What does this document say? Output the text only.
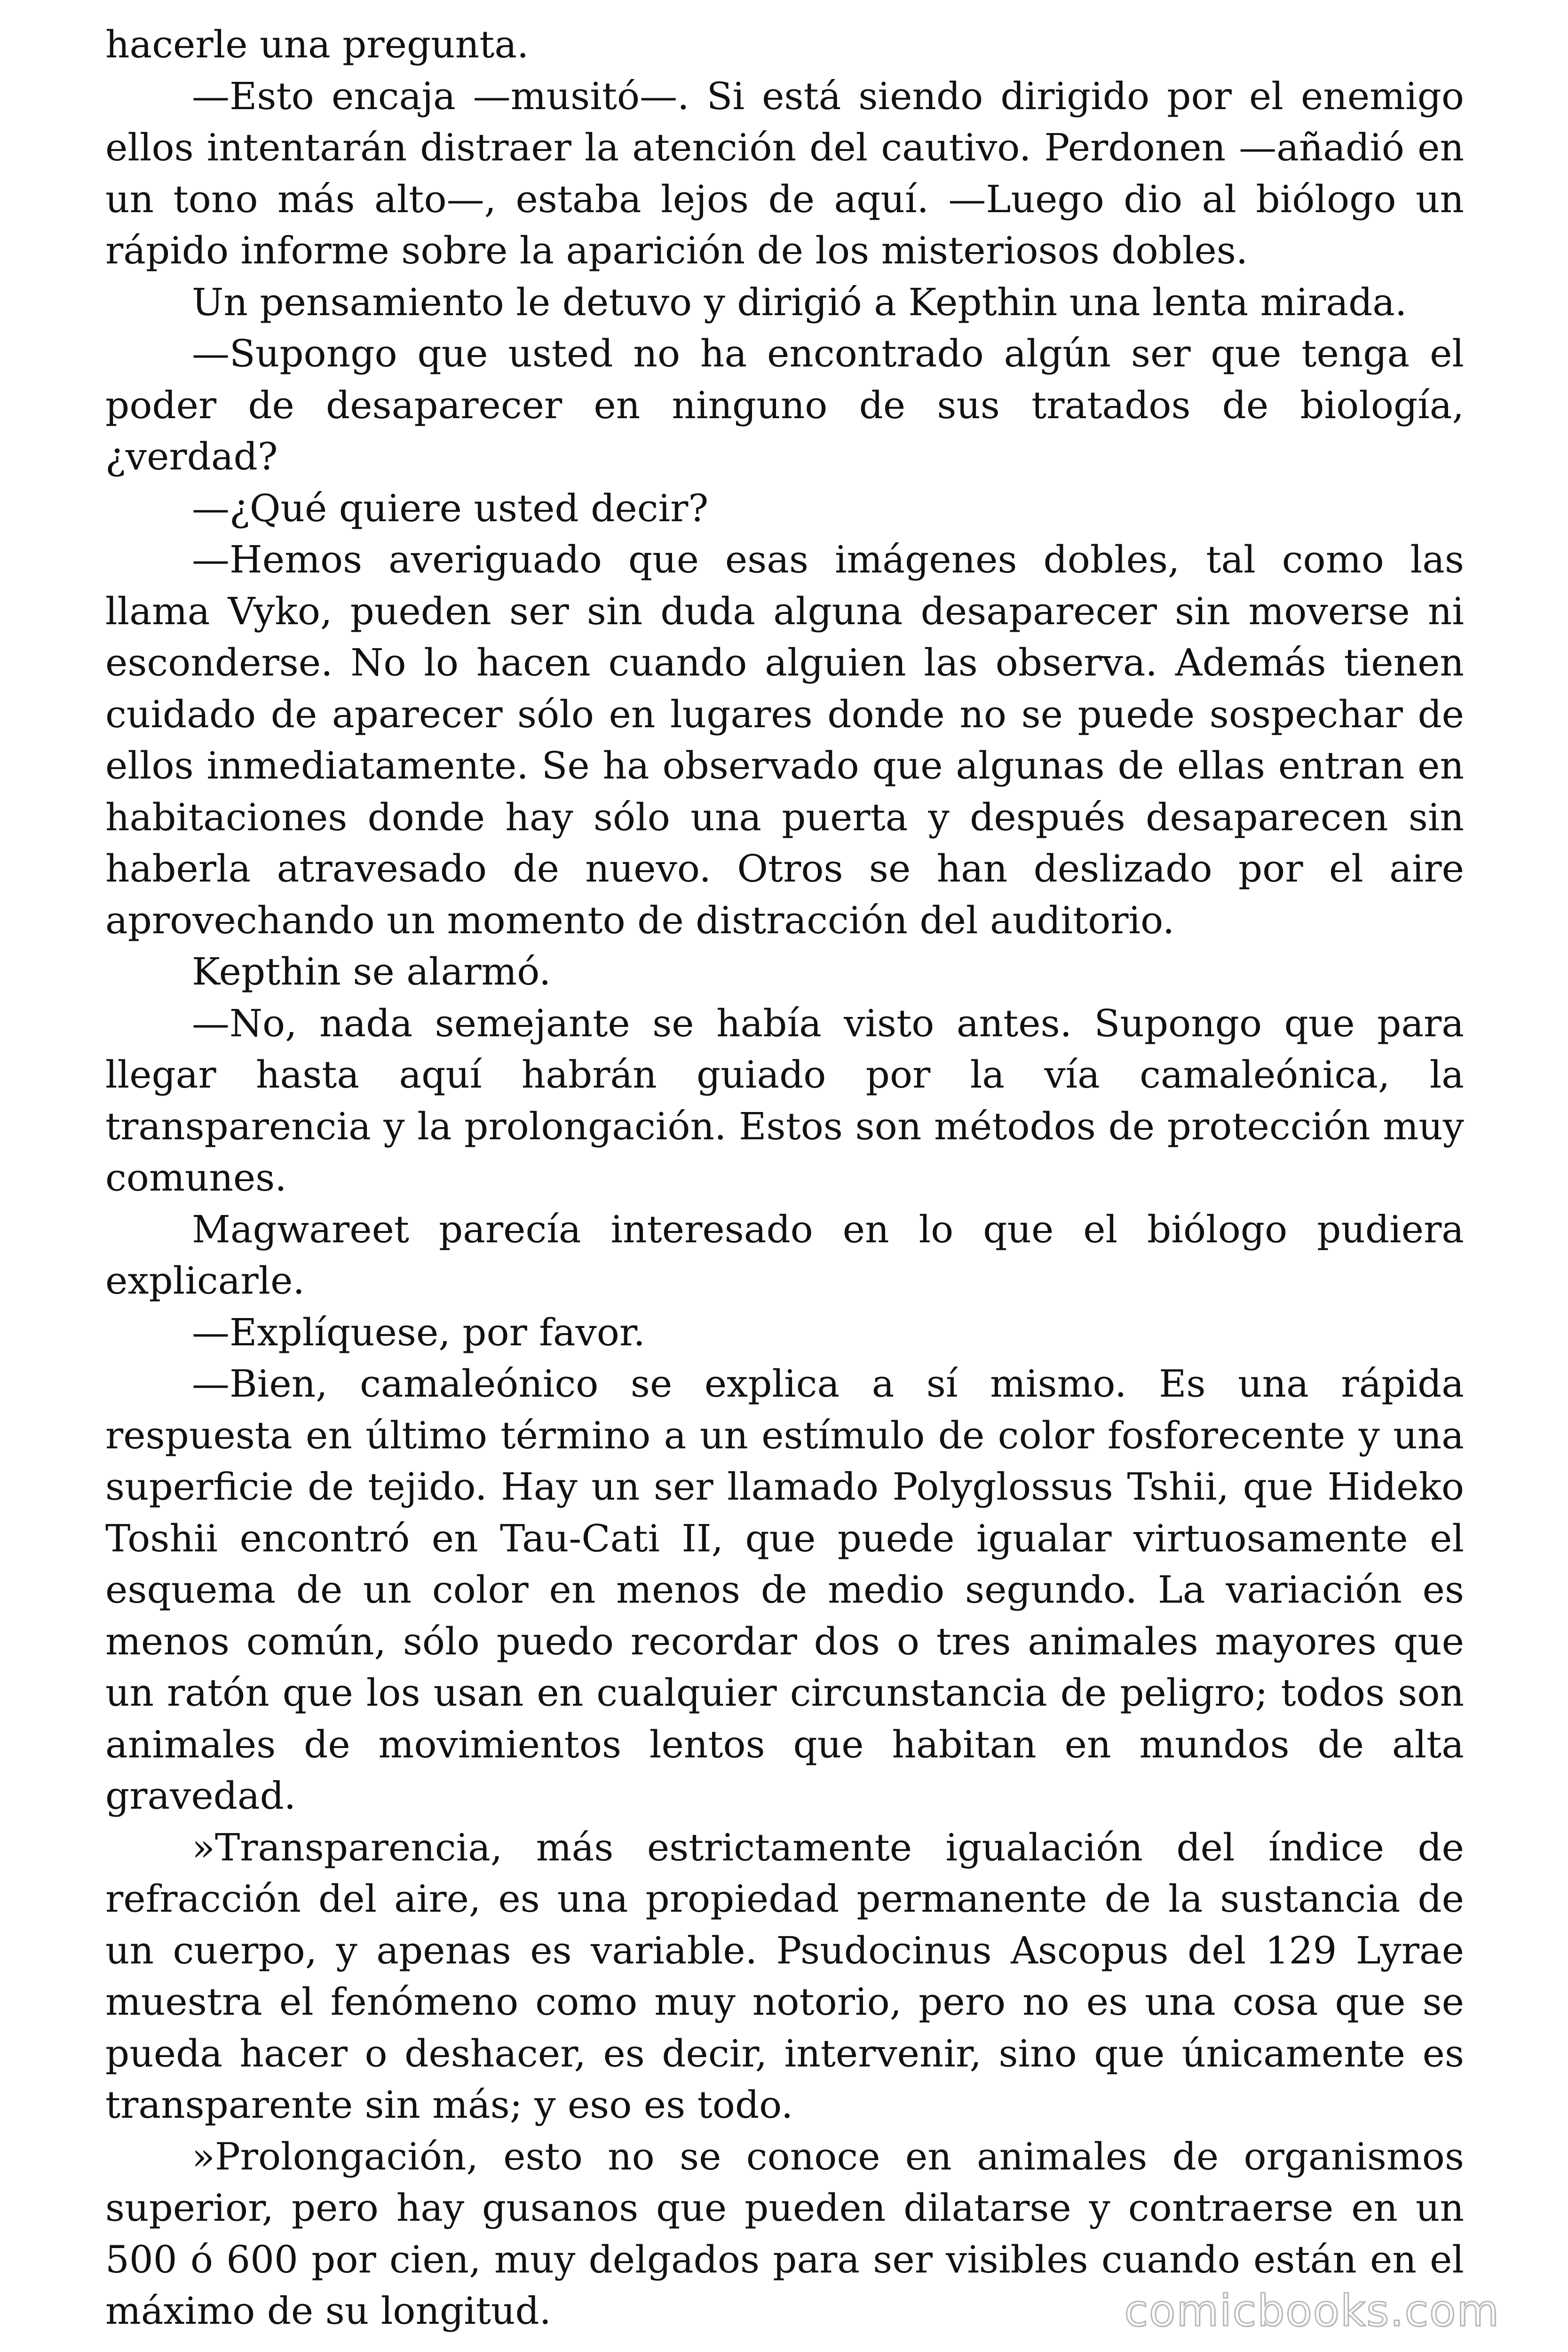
hacerle una pregunta.

—Esto encaja —musitó—. Si está siendo dirigido por el enemigo ellos intentarán distraer la atención del cautivo. Perdonen —añadió en un tono más alto—, estaba lejos de aquí. —Luego dio al biólogo un rápido informe sobre la aparición de los misteriosos dobles.

Un pensamiento le detuvo y dirigió a Kepthin una lenta mirada.

—Supongo que usted no ha encontrado algún ser que tenga el poder de desaparecer en ninguno de sus tratados de biología, ¿verdad?

—¿Qué quiere usted decir?

—Hemos averiguado que esas imágenes dobles, tal como las llama Vyko, pueden ser sin duda alguna desaparecer sin moverse ni esconderse. No lo hacen cuando alguien las observa. Además tienen cuidado de aparecer sólo en lugares donde no se puede sospechar de ellos inmediatamente. Se ha observado que algunas de ellas entran en habitaciones donde hay sólo una puerta y después desaparecen sin haberla atravesado de nuevo. Otros se han deslizado por el aire aprovechando un momento de distracción del auditorio.

Kepthin se alarmó.

—No, nada semejante se había visto antes. Supongo que para llegar hasta aquí habrán guiado por la vía camaleónica, la transparencia y la prolongación. Estos son métodos de protección muy comunes.

Magwareet parecía interesado en lo que el biólogo pudiera explicarle.

—Explíquese, por favor.

—Bien, camaleónico se explica a sí mismo. Es una rápida respuesta en último término a un estímulo de color fosforecente y una superficie de tejido. Hay un ser llamado Polyglossus Tshii, que Hideko Toshii encontró en Tau-Cati II, que puede igualar virtuosamente el esquema de un color en menos de medio segundo. La variación es menos común, sólo puedo recordar dos o tres animales mayores que un ratón que los usan en cualquier circunstancia de peligro; todos son animales de movimientos lentos que habitan en mundos de alta gravedad.

»Transparencia, más estrictamente igualación del índice de refracción del aire, es una propiedad permanente de la sustancia de un cuerpo, y apenas es variable. Psudocinus Ascopus del 129 Lyrae muestra el fenómeno como muy notorio, pero no es una cosa que se pueda hacer o deshacer, es decir, intervenir, sino que únicamente es transparente sin más; y eso es todo.

»Prolongación, esto no se conoce en animales de organismos superior, pero hay gusanos que pueden dilatarse y contraerse en un 500 ó 600 por cien, muy delgados para ser visibles cuando están en el máximo de su longitud.	comicbooks.com
